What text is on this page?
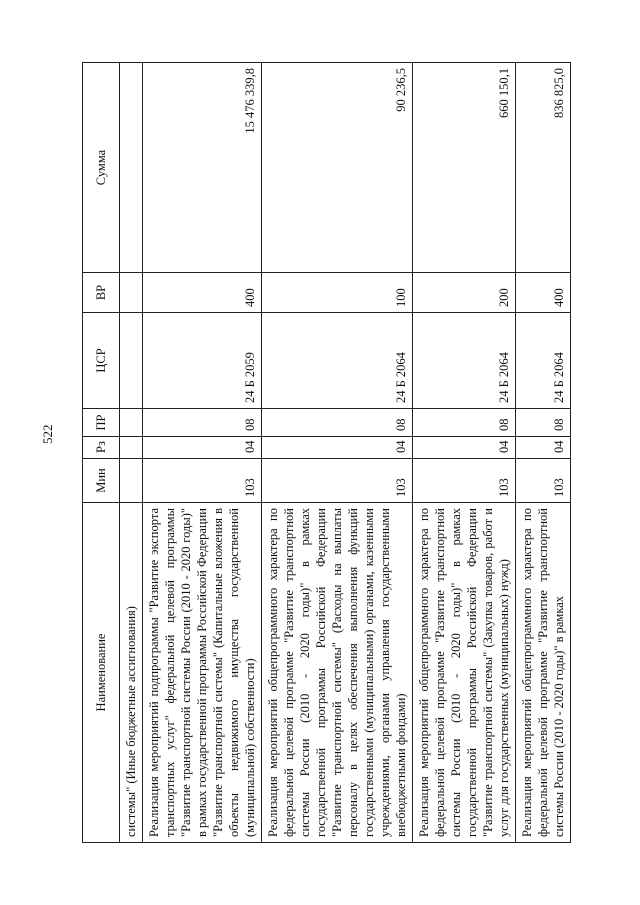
522
Наименование	Мин	Рз	ПР	ЦСР	ВР	Сумма
системы" (Иные бюджетные ассигнования)						
Реализация мероприятий подпрограммы "Развитие экспорта транспортных услуг" федеральной целевой программы "Развитие транспортной системы России (2010 - 2020 годы)" в рамках государственной программы Российской Федерации "Развитие транспортной системы" (Капитальные вложения в объекты недвижимого имущества государственной (муниципальной) собственности)	103	04	08	24 Б 2059	400	15 476 339,8
Реализация мероприятий общепрограммного характера по федеральной целевой программе "Развитие транспортной системы России (2010 - 2020 годы)" в рамках государственной программы Российской Федерации "Развитие транспортной системы" (Расходы на выплаты персоналу в целях обеспечения выполнения функций государственными (муниципальными) органами, казенными учреждениями, органами управления государственными внебюджетными фондами)	103	04	08	24 Б 2064	100	90 236,5
Реализация мероприятий общепрограммного характера по федеральной целевой программе "Развитие транспортной системы России (2010 - 2020 годы)" в рамках государственной программы Российской Федерации "Развитие транспортной системы" (Закупка товаров, работ и услуг для государственных (муниципальных) нужд)	103	04	08	24 Б 2064	200	660 150,1
Реализация мероприятий общепрограммного характера по федеральной целевой программе "Развитие транспортной системы России (2010 - 2020 годы)" в рамках	103	04	08	24 Б 2064	400	836 825,0
